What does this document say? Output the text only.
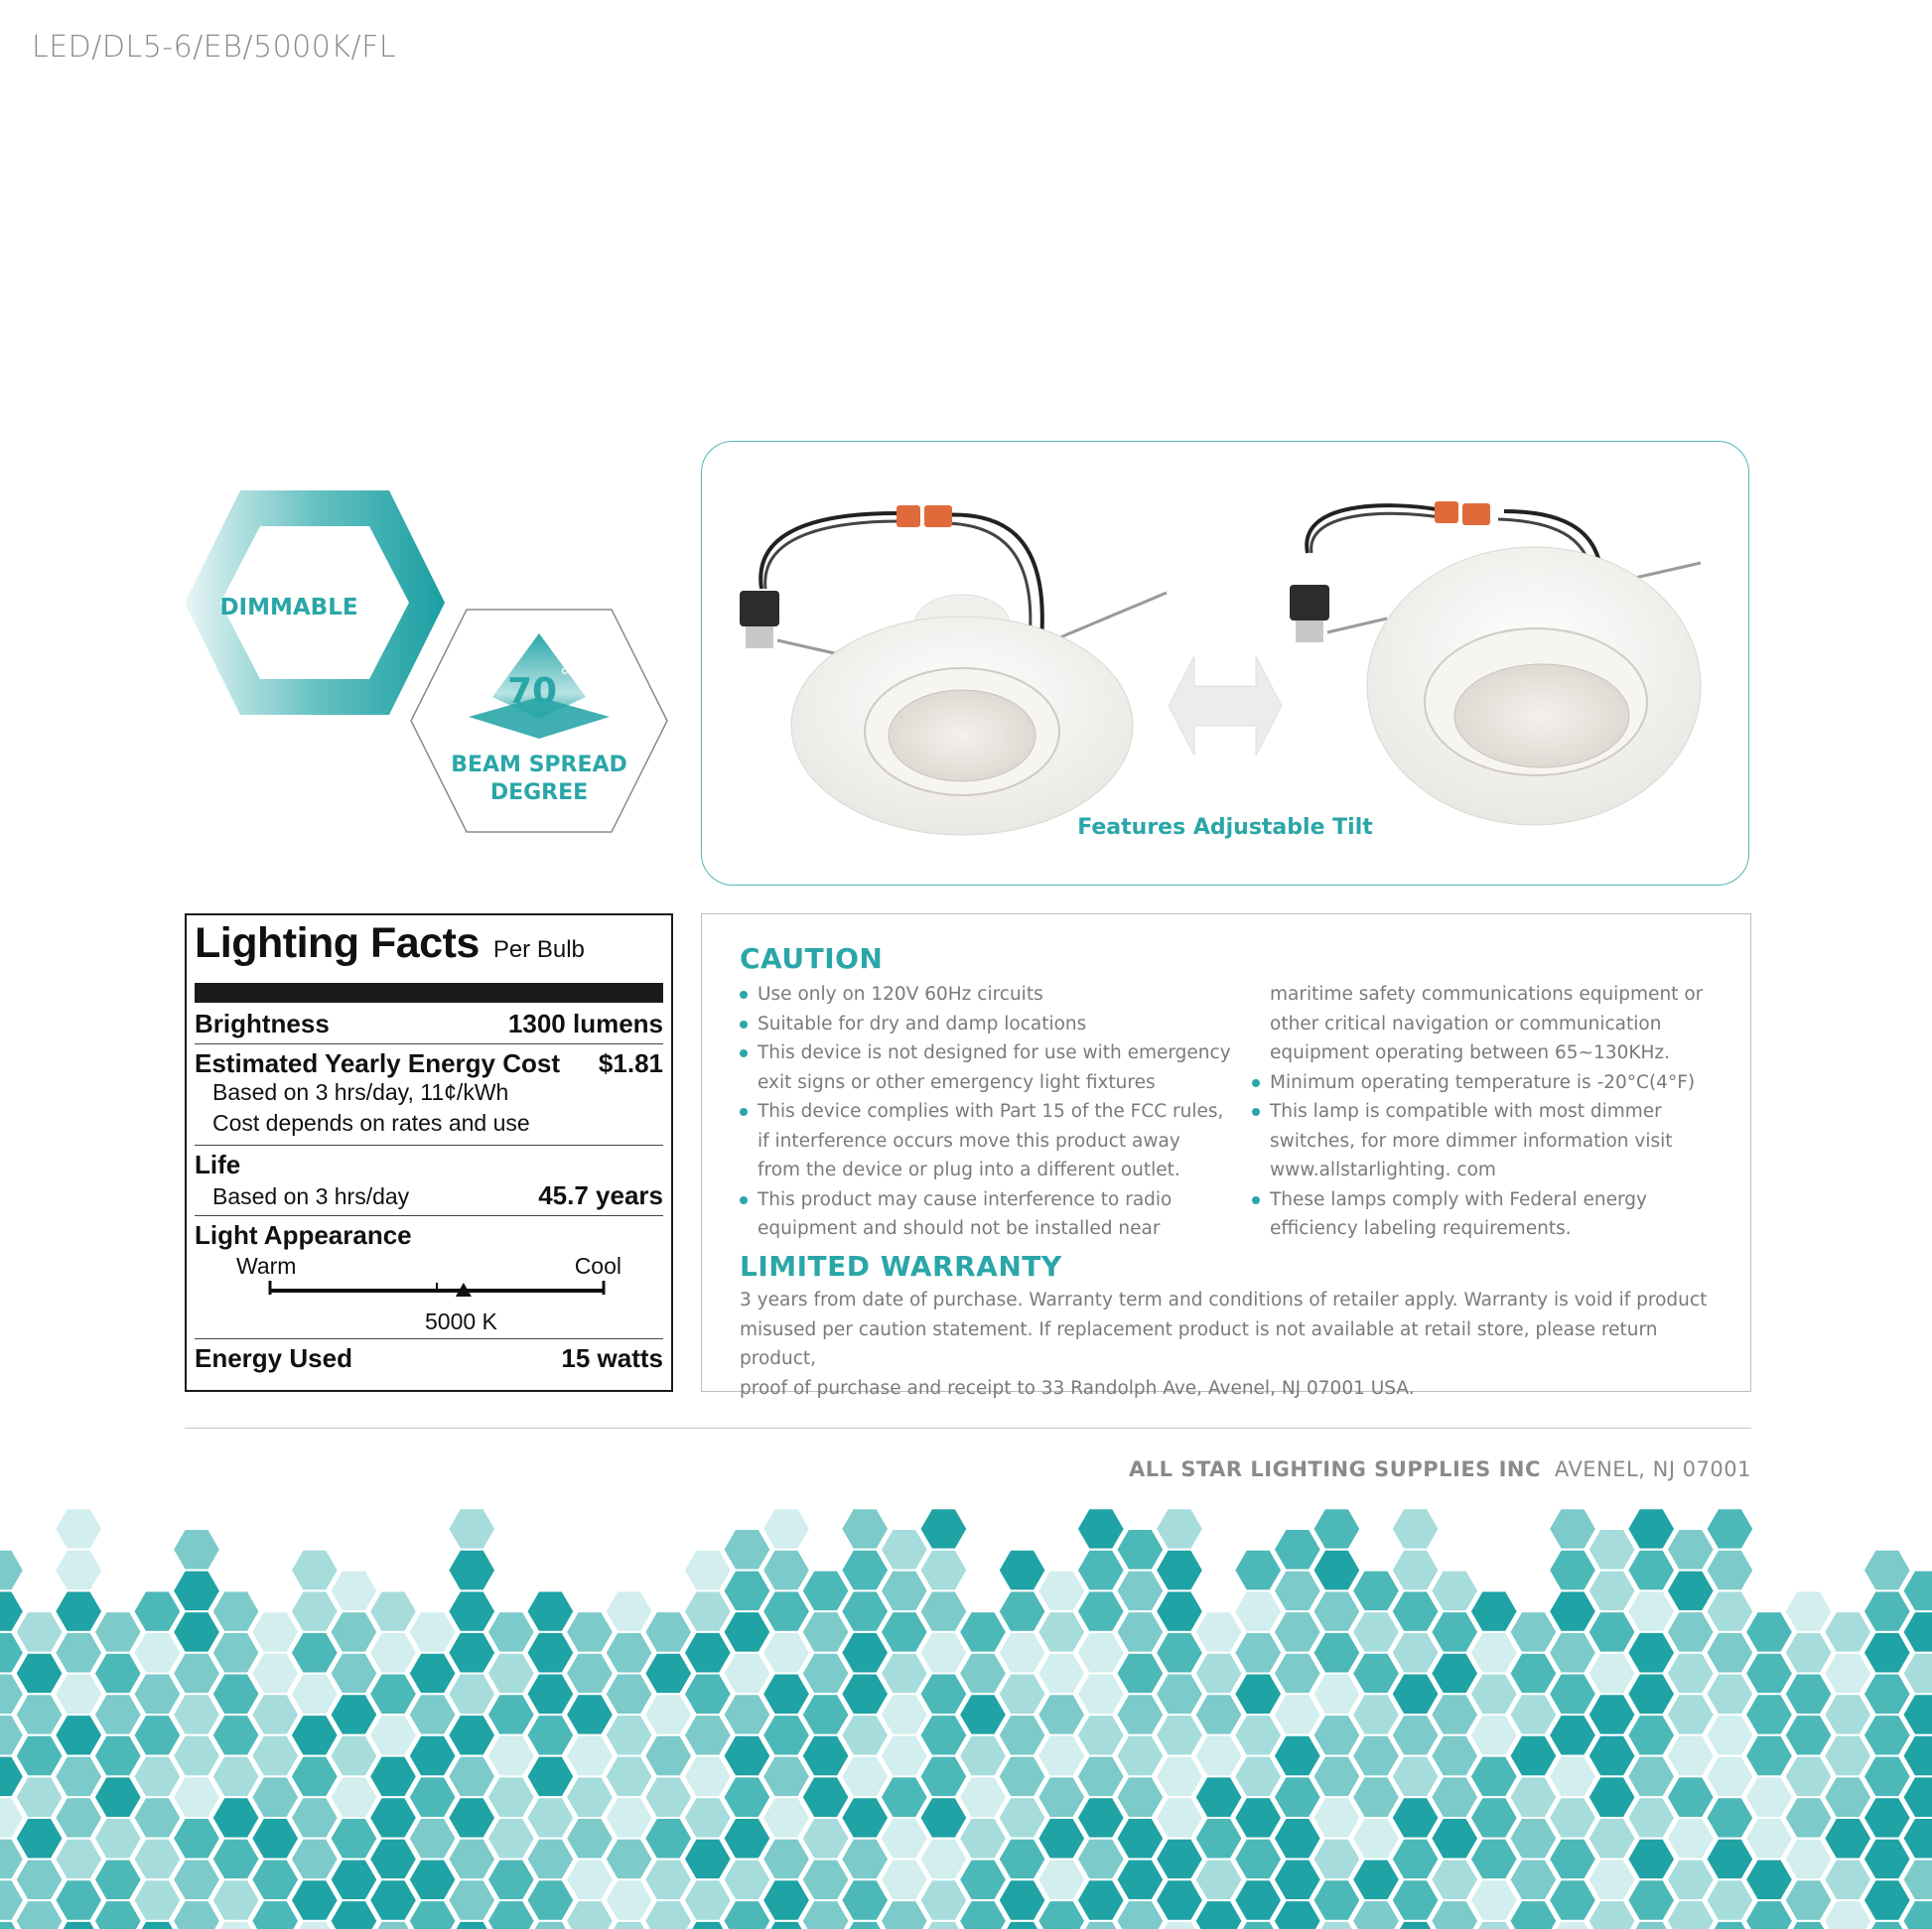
LED/DL5-6/EB/5000K/FL
DIMMABLE
70 °
BEAM SPREAD
DEGREE
Features Adjustable Tilt
Lighting Facts Per Bulb
Brightness	1300 lumens
Estimated Yearly Energy Cost $1.81
Based on 3 hrs/day, 11¢/kWh
Cost depends on rates and use
Life
Based on 3 hrs/day	45.7 years
Light Appearance
Warm	Cool
5000 K
Energy Used	15 watts
CAUTION
Use only on 120V 60Hz circuits
Suitable for dry and damp locations
This device is not designed for use with emergency
exit signs or other emergency light fixtures
This device complies with Part 15 of the FCC rules,
if interference occurs move this product away
from the device or plug into a different outlet.
This product may cause interference to radio
equipment and should not be installed near
maritime safety communications equipment or
other critical navigation or communication
equipment operating between 65~130KHz.
Minimum operating temperature is -20°C(4°F)
This lamp is compatible with most dimmer
switches, for more dimmer information visit
www.allstarlighting. com
These lamps comply with Federal energy
efficiency labeling requirements.
LIMITED WARRANTY
3 years from date of purchase. Warranty term and conditions of retailer apply. Warranty is void if product
misused per caution statement. If replacement product is not available at retail store, please return product,
proof of purchase and receipt to 33 Randolph Ave, Avenel, NJ 07001 USA.
ALL STAR LIGHTING SUPPLIES INC AVENEL, NJ 07001
